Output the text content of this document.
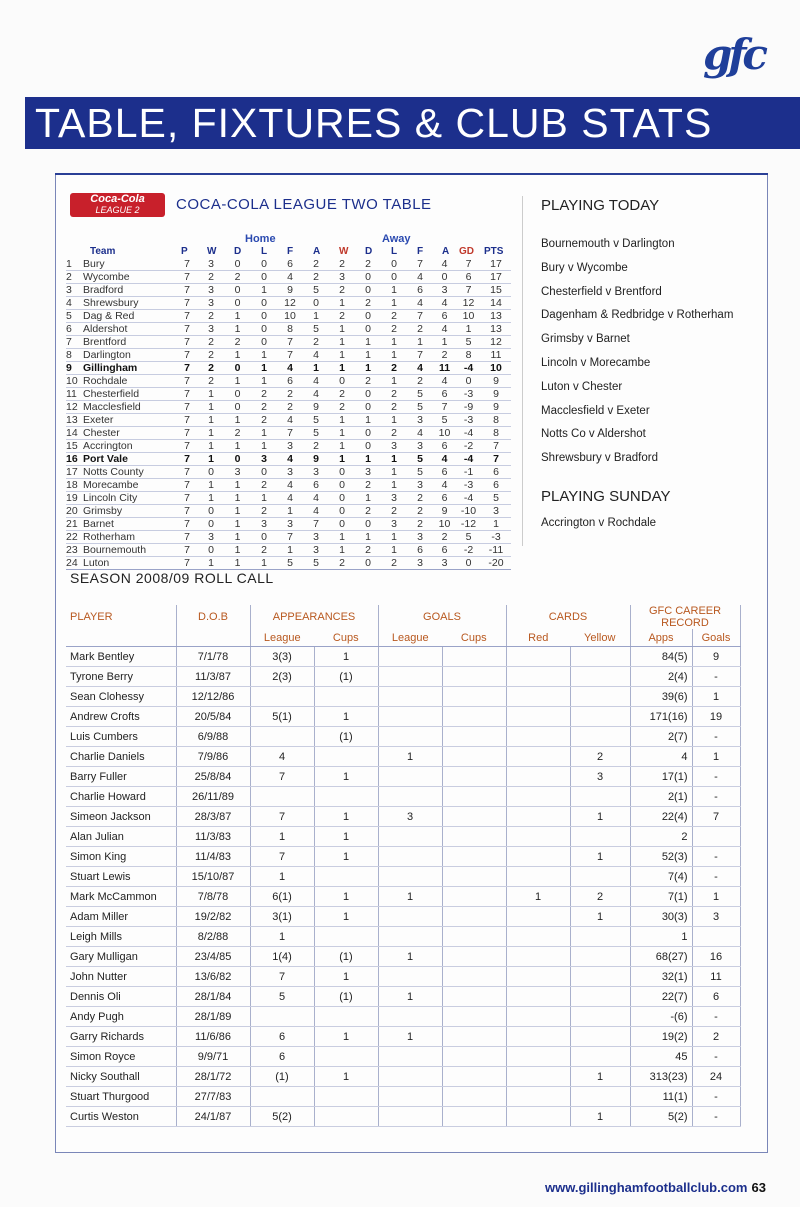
gfc
TABLE, FIXTURES & CLUB STATS
Coca-Cola
LEAGUE 2	COCA-COLA LEAGUE TWO TABLE
Home	Away
Team	P W D L F A W D L F A GD PTS
1 Bury	7	3	0	0	6	2	2	2	0	7	4	7	17
2 Wycombe	7	2	2	0	4	2	3	0	0	4	0	6	17
3 Bradford	7	3	0	1	9	5	2	0	1	6	3	7	15
4 Shrewsbury	7	3	0	0	12	0	1	2	1	4	4	12	14
5 Dag & Red	7	2	1	0	10	1	2	0	2	7	6	10	13
6 Aldershot	7	3	1	0	8	5	1	0	2	2	4	1	13
7 Brentford	7	2	2	0	7	2	1	1	1	1	1	5	12
8 Darlington	7	2	1	1	7	4	1	1	1	7	2	8	11
9 Gillingham	7	2	0	1	4	1	1	1	2	4	11	-4	10
10 Rochdale	7	2	1	1	6	4	0	2	1	2	4	0	9
11 Chesterfield	7	1	0	2	2	4	2	0	2	5	6	-3	9
12 Macclesfield	7	1	0	2	2	9	2	0	2	5	7	-9	9
13 Exeter	7	1	1	2	4	5	1	1	1	3	5	-3	8
14 Chester	7	1	2	1	7	5	1	0	2	4	10	-4	8
15 Accrington	7	1	1	1	3	2	1	0	3	3	6	-2	7
16 Port Vale	7	1	0	3	4	9	1	1	1	5	4	-4	7
17 Notts County	7	0	3	0	3	3	0	3	1	5	6	-1	6
18 Morecambe	7	1	1	2	4	6	0	2	1	3	4	-3	6
19 Lincoln City	7	1	1	1	4	4	0	1	3	2	6	-4	5
20 Grimsby	7	0	1	2	1	4	0	2	2	2	9	-10	3
21 Barnet	7	0	1	3	3	7	0	0	3	2	10	-12	1
22 Rotherham	7	3	1	0	7	3	1	1	1	3	2	5	-3
23 Bournemouth	7	0	1	2	1	3	1	2	1	6	6	-2	-11
24 Luton	7	1	1	1	5	5	2	0	2	3	3	0	-20
PLAYING TODAY
Bournemouth v Darlington
Bury v Wycombe
Chesterfield v Brentford
Dagenham & Redbridge v Rotherham
Grimsby v Barnet
Lincoln v Morecambe
Luton v Chester
Macclesfield v Exeter
Notts Co v Aldershot
Shrewsbury v Bradford
PLAYING SUNDAY
Accrington v Rochdale
SEASON 2008/09 ROLL CALL
PLAYER	D.O.B	APPEARANCES		GOALS		CARDS		GFC CAREER RECORD	
		League	Cups	League	Cups	Red	Yellow	Apps	Goals
Mark Bentley	7/1/78	3(3)	1					84(5)	9
Tyrone Berry	11/3/87	2(3)	(1)					2(4)	-
Sean Clohessy	12/12/86							39(6)	1
Andrew Crofts	20/5/84	5(1)	1					171(16)	19
Luis Cumbers	6/9/88		(1)					2(7)	-
Charlie Daniels	7/9/86	4		1			2	4	1
Barry Fuller	25/8/84	7	1				3	17(1)	-
Charlie Howard	26/11/89							2(1)	-
Simeon Jackson	28/3/87	7	1	3			1	22(4)	7
Alan Julian	11/3/83	1	1					2	
Simon King	11/4/83	7	1				1	52(3)	-
Stuart Lewis	15/10/87	1						7(4)	-
Mark McCammon	7/8/78	6(1)	1	1		1	2	7(1)	1
Adam Miller	19/2/82	3(1)	1				1	30(3)	3
Leigh Mills	8/2/88	1						1	
Gary Mulligan	23/4/85	1(4)	(1)	1				68(27)	16
John Nutter	13/6/82	7	1					32(1)	11
Dennis Oli	28/1/84	5	(1)	1				22(7)	6
Andy Pugh	28/1/89							-(6)	-
Garry Richards	11/6/86	6	1	1				19(2)	2
Simon Royce	9/9/71	6						45	-
Nicky Southall	28/1/72	(1)	1				1	313(23)	24
Stuart Thurgood	27/7/83							11(1)	-
Curtis Weston	24/1/87	5(2)					1	5(2)	-
www.gillinghamfootballclub.com 63
